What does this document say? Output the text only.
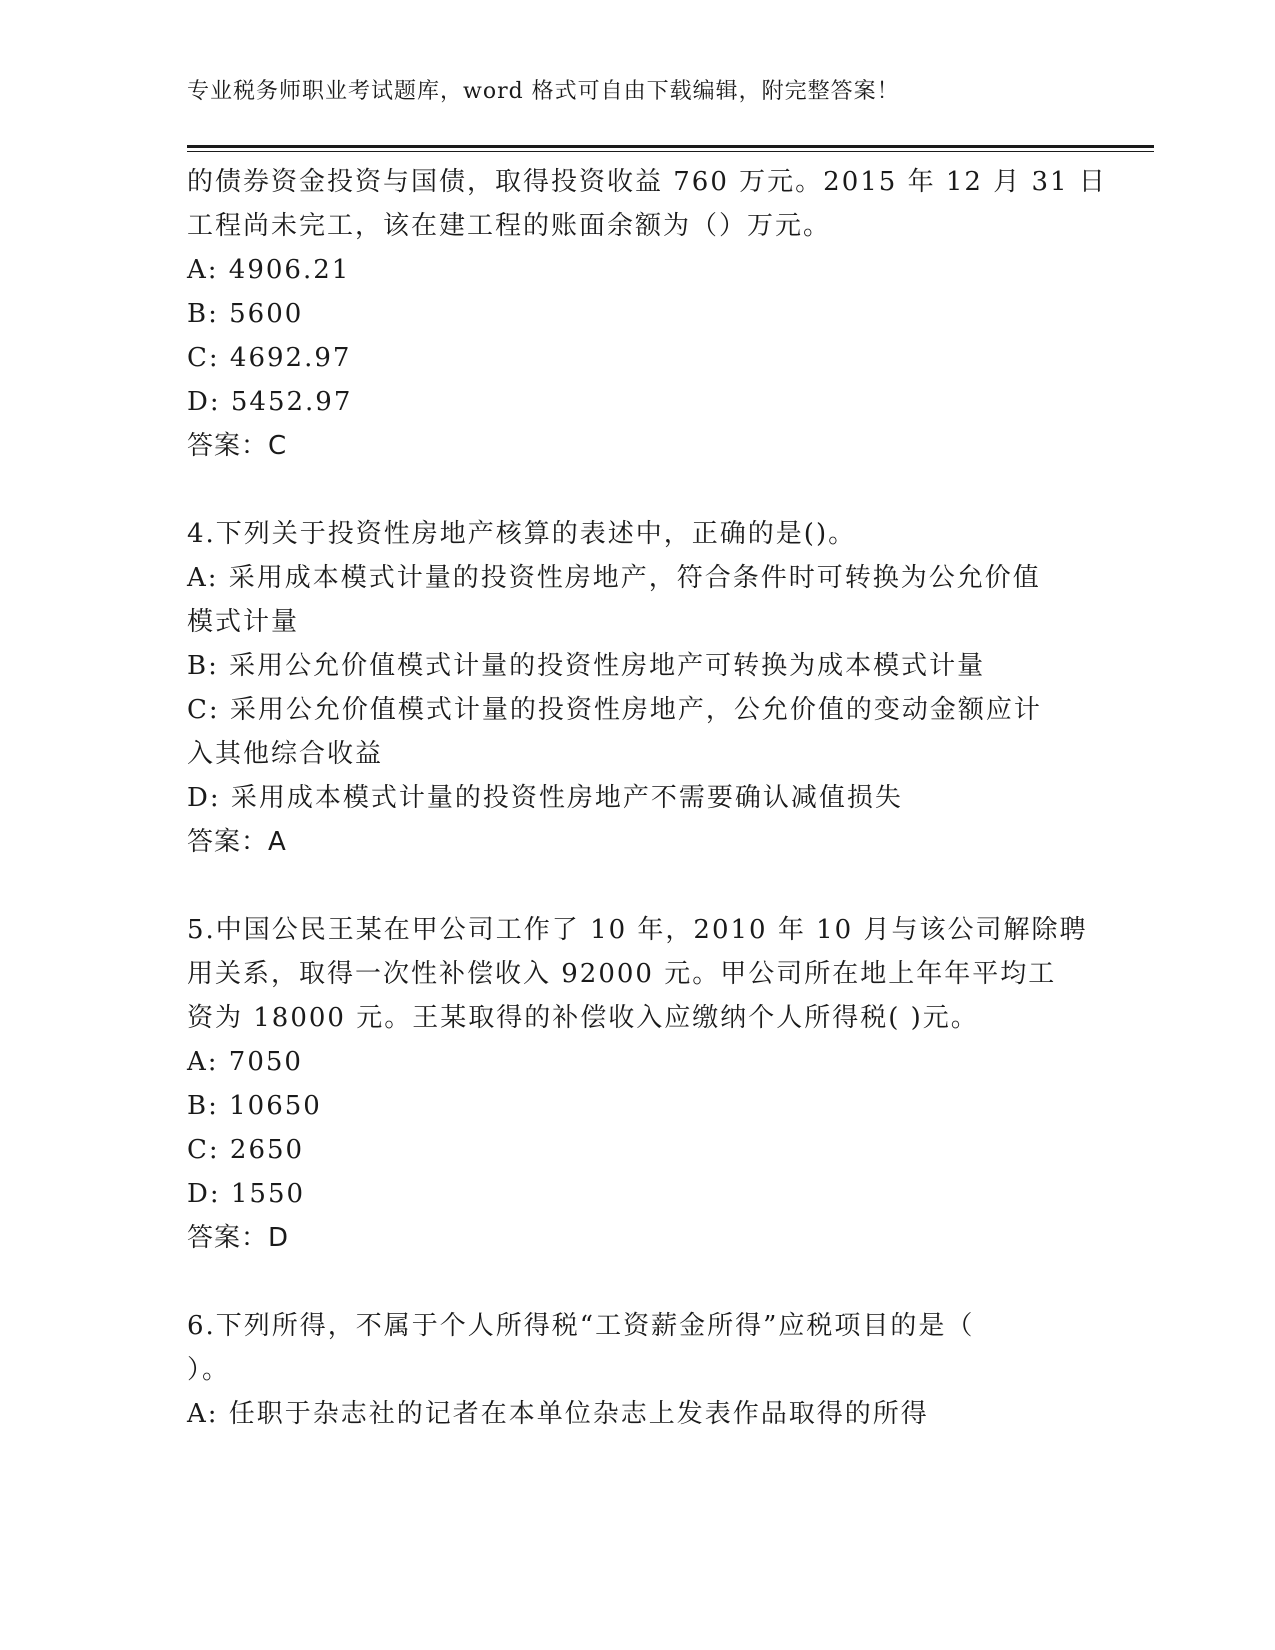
专业税务师职业考试题库，word 格式可自由下载编辑，附完整答案！
的债券资金投资与国债，取得投资收益 760 万元。2015 年 12 月 31 日
工程尚未完工，该在建工程的账面余额为（）万元。
A: 4906.21
B: 5600
C: 4692.97
D: 5452.97
答案：C
4.下列关于投资性房地产核算的表述中，正确的是()。
A: 采用成本模式计量的投资性房地产，符合条件时可转换为公允价值
模式计量
B: 采用公允价值模式计量的投资性房地产可转换为成本模式计量
C: 采用公允价值模式计量的投资性房地产，公允价值的变动金额应计
入其他综合收益
D: 采用成本模式计量的投资性房地产不需要确认减值损失
答案：A
5.中国公民王某在甲公司工作了 10 年，2010 年 10 月与该公司解除聘
用关系，取得一次性补偿收入 92000 元。甲公司所在地上年年平均工
资为 18000 元。王某取得的补偿收入应缴纳个人所得税( )元。
A: 7050
B: 10650
C: 2650
D: 1550
答案：D
6.下列所得，不属于个人所得税“工资薪金所得”应税项目的是（
）。
A: 任职于杂志社的记者在本单位杂志上发表作品取得的所得
